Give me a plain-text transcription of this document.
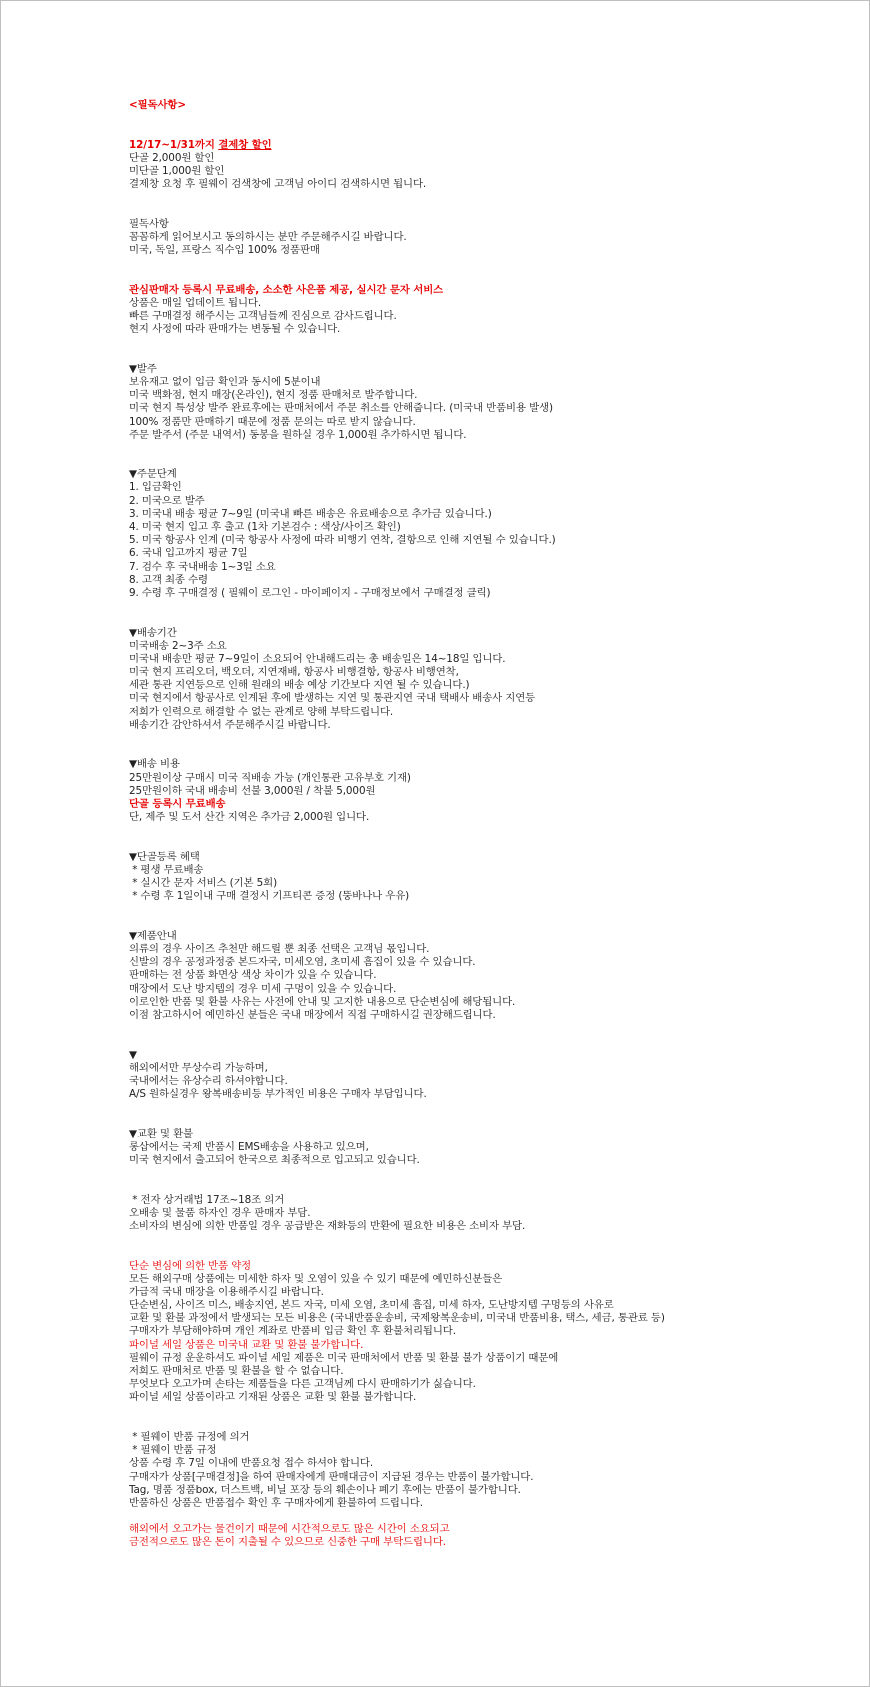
<필독사항>
12/17~1/31까지 결제창 할인
단골 2,000원 할인
미단골 1,000원 할인
결제창 요청 후 필웨이 검색창에 고객님 아이디 검색하시면 됩니다.
필독사항
꼼꼼하게 읽어보시고 동의하시는 분만 주문해주시길 바랍니다.
미국, 독일, 프랑스 직수입 100% 정품판매
관심판매자 등록시 무료배송, 소소한 사은품 제공, 실시간 문자 서비스
상품은 매일 업데이트 됩니다.
빠른 구매결정 해주시는 고객님들께 진심으로 감사드립니다.
현지 사정에 따라 판매가는 변동될 수 있습니다.
▼발주
보유재고 없이 입금 확인과 동시에 5분이내
미국 백화점, 현지 매장(온라인), 현지 정품 판매처로 발주합니다.
미국 현지 특성상 발주 완료후에는 판매처에서 주문 취소를 안해줍니다. (미국내 반품비용 발생)
100% 정품만 판매하기 때문에 정품 문의는 따로 받지 않습니다.
주문 발주서 (주문 내역서) 동봉을 원하실 경우 1,000원 추가하시면 됩니다.
▼주문단계
1. 입금확인
2. 미국으로 발주
3. 미국내 배송 평균 7~9일 (미국내 빠른 배송은 유료배송으로 추가금 있습니다.)
4. 미국 현지 입고 후 출고 (1차 기본검수 : 색상/사이즈 확인)
5. 미국 항공사 인계 (미국 항공사 사정에 따라 비행기 연착, 결항으로 인해 지연될 수 있습니다.)
6. 국내 입고까지 평균 7일
7. 검수 후 국내배송 1~3일 소요
8. 고객 최종 수령
9. 수령 후 구매결정 ( 필웨이 로그인 - 마이페이지 - 구매정보에서 구매결정 클릭)
▼배송기간
미국배송 2~3주 소요
미국내 배송만 평균 7~9일이 소요되어 안내해드리는 총 배송일은 14~18일 입니다.
미국 현지 프리오더, 백오더, 지연재배, 항공사 비행결항, 항공사 비행연착,
세관 통관 지연등으로 인해 원래의 배송 예상 기간보다 지연 될 수 있습니다.)
미국 현지에서 항공사로 인계된 후에 발생하는 지연 및 통관지연 국내 택배사 배송사 지연등
저희가 인력으로 해결할 수 없는 관계로 양해 부탁드립니다.
배송기간 감안하셔서 주문해주시길 바랍니다.
▼배송 비용
25만원이상 구매시 미국 직배송 가능 (개인통관 고유부호 기재)
25만원이하 국내 배송비 선불 3,000원 / 착불 5,000원
단골 등록시 무료배송
단, 제주 및 도서 산간 지역은 추가금 2,000원 입니다.
▼단골등록 혜택
* 평생 무료배송
* 실시간 문자 서비스 (기본 5회)
* 수령 후 1일이내 구매 결정시 기프티콘 증정 (뚱바나나 우유)
▼제품안내
의류의 경우 사이즈 추천만 해드릴 뿐 최종 선택은 고객님 몫입니다.
신발의 경우 공정과정중 본드자국, 미세오염, 초미세 흠집이 있을 수 있습니다.
판매하는 전 상품 화면상 색상 차이가 있을 수 있습니다.
매장에서 도난 방지텝의 경우 미세 구멍이 있을 수 있습니다.
이로인한 반품 및 환불 사유는 사전에 안내 및 고지한 내용으로 단순변심에 해당됩니다.
이점 참고하시어 예민하신 분들은 국내 매장에서 직접 구매하시길 권장해드립니다.
▼
해외에서만 무상수리 가능하며,
국내에서는 유상수리 하셔야합니다.
A/S 원하실경우 왕복배송비등 부가적인 비용은 구매자 부담입니다.
▼교환 및 환불
롱삽에서는 국제 반품시 EMS배송을 사용하고 있으며,
미국 현지에서 출고되어 한국으로 최종적으로 입고되고 있습니다.
* 전자 상거래법 17조~18조 의거
오배송 및 물품 하자인 경우 판매자 부담.
소비자의 변심에 의한 반품일 경우 공급받은 재화등의 반환에 필요한 비용은 소비자 부담.
단순 변심에 의한 반품 약정
모든 해외구매 상품에는 미세한 하자 및 오염이 있을 수 있기 때문에 예민하신분들은
가급적 국내 매장을 이용해주시길 바랍니다.
단순변심, 사이즈 미스, 배송지연, 본드 자국, 미세 오염, 초미세 흠집, 미세 하자, 도난방지텝 구멍등의 사유로
교환 및 환불 과정에서 발생되는 모든 비용은 (국내반품운송비, 국제왕복운송비, 미국내 반품비용, 택스, 세금, 통관료 등)
구매자가 부담해야하며 개인 계좌로 반품비 입금 확인 후 환불처리됩니다.
파이널 세일 상품은 미국내 교환 및 환불 불가합니다.
필웨이 규정 운운하셔도 파이널 세일 제품은 미국 판매처에서 반품 및 환불 불가 상품이기 때문에
저희도 판매처로 반품 및 환불을 할 수 없습니다.
무엇보다 오고가며 손타는 제품들을 다른 고객님께 다시 판매하기가 싫습니다.
파이널 세일 상품이라고 기재된 상품은 교환 및 환불 불가합니다.
* 필웨이 반품 규정에 의거
* 필웨이 반품 규정
상품 수령 후 7일 이내에 반품요청 접수 하셔야 합니다.
구매자가 상품[구매결정]을 하여 판매자에게 판매대금이 지급된 경우는 반품이 불가합니다.
Tag, 명품 정품box, 더스트백, 비닐 포장 등의 훼손이나 폐기 후에는 반품이 불가합니다.
반품하신 상품은 반품접수 확인 후 구매자에게 환불하여 드립니다.
해외에서 오고가는 물건이기 때문에 시간적으로도 많은 시간이 소요되고
금전적으로도 많은 돈이 지출될 수 있으므로 신중한 구매 부탁드립니다.
